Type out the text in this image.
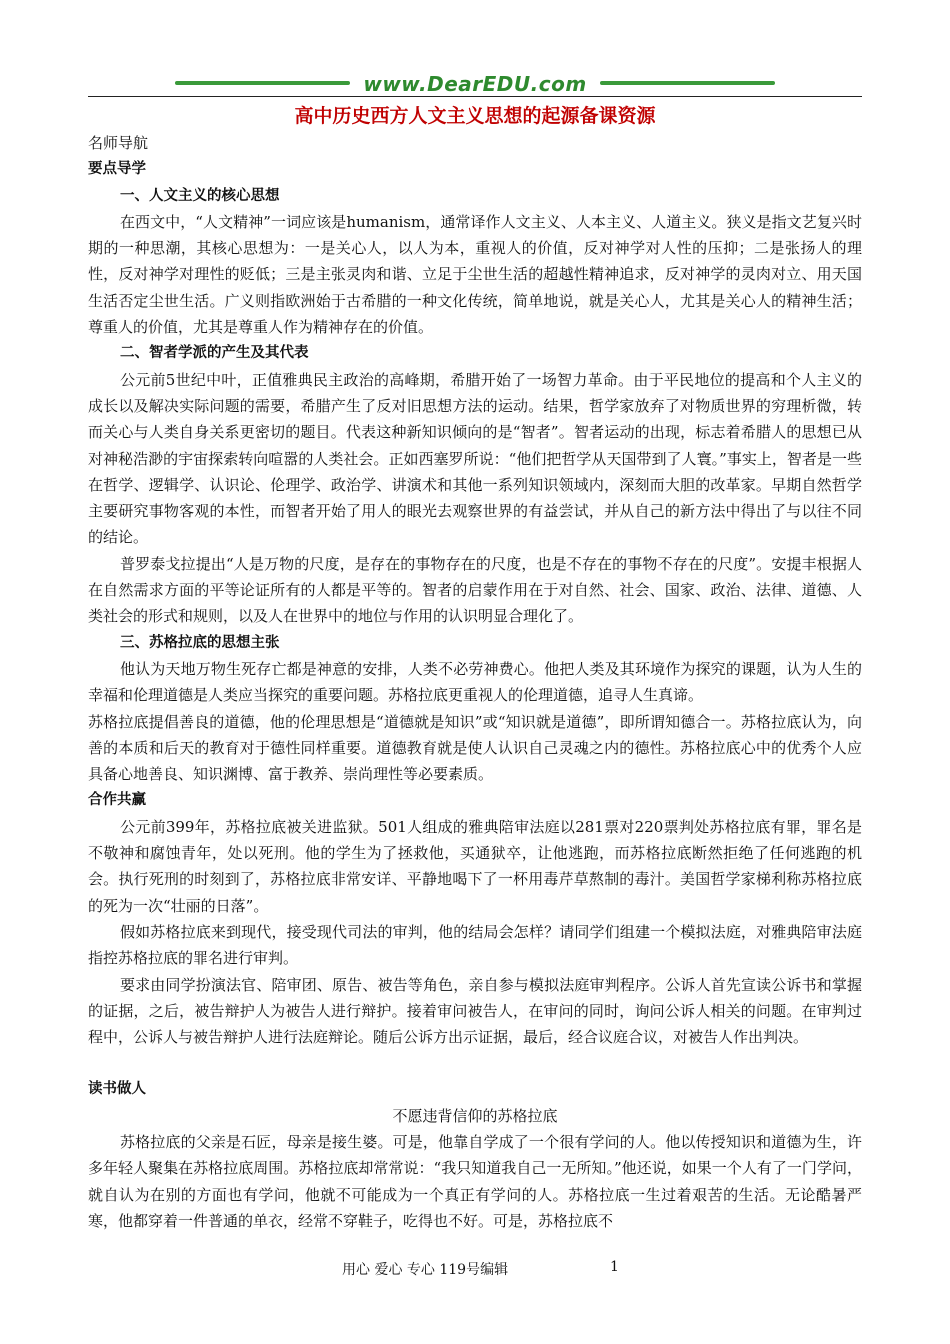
www.DearEDU.com
高中历史西方人文主义思想的起源备课资源
名师导航
要点导学
一、人文主义的核心思想

在西文中，“人文精神”一词应该是humanism，通常译作人文主义、人本主义、人道主义。狭义是指文艺复兴时期的一种思潮，其核心思想为：一是关心人，以人为本，重视人的价值，反对神学对人性的压抑；二是张扬人的理性，反对神学对理性的贬低；三是主张灵肉和谐、立足于尘世生活的超越性精神追求，反对神学的灵肉对立、用天国生活否定尘世生活。广义则指欧洲始于古希腊的一种文化传统，简单地说，就是关心人，尤其是关心人的精神生活；尊重人的价值，尤其是尊重人作为精神存在的价值。

二、智者学派的产生及其代表

公元前5世纪中叶，正值雅典民主政治的高峰期，希腊开始了一场智力革命。由于平民地位的提高和个人主义的成长以及解决实际问题的需要，希腊产生了反对旧思想方法的运动。结果，哲学家放弃了对物质世界的穷理析微，转而关心与人类自身关系更密切的题目。代表这种新知识倾向的是“智者”。智者运动的出现，标志着希腊人的思想已从对神秘浩渺的宇宙探索转向喧嚣的人类社会。正如西塞罗所说：“他们把哲学从天国带到了人寰。”事实上，智者是一些在哲学、逻辑学、认识论、伦理学、政治学、讲演术和其他一系列知识领域内，深刻而大胆的改革家。早期自然哲学主要研究事物客观的本性，而智者开始了用人的眼光去观察世界的有益尝试，并从自己的新方法中得出了与以往不同的结论。

普罗泰戈拉提出“人是万物的尺度，是存在的事物存在的尺度，也是不存在的事物不存在的尺度”。安提丰根据人在自然需求方面的平等论证所有的人都是平等的。智者的启蒙作用在于对自然、社会、国家、政治、法律、道德、人类社会的形式和规则，以及人在世界中的地位与作用的认识明显合理化了。

三、苏格拉底的思想主张

他认为天地万物生死存亡都是神意的安排，人类不必劳神费心。他把人类及其环境作为探究的课题，认为人生的幸福和伦理道德是人类应当探究的重要问题。苏格拉底更重视人的伦理道德，追寻人生真谛。

苏格拉底提倡善良的道德，他的伦理思想是“道德就是知识”或“知识就是道德”，即所谓知德合一。苏格拉底认为，向善的本质和后天的教育对于德性同样重要。道德教育就是使人认识自己灵魂之内的德性。苏格拉底心中的优秀个人应具备心地善良、知识渊博、富于教养、崇尚理性等必要素质。

合作共赢

公元前399年，苏格拉底被关进监狱。501人组成的雅典陪审法庭以281票对220票判处苏格拉底有罪，罪名是不敬神和腐蚀青年，处以死刑。他的学生为了拯救他，买通狱卒，让他逃跑，而苏格拉底断然拒绝了任何逃跑的机会。执行死刑的时刻到了，苏格拉底非常安详、平静地喝下了一杯用毒芹草熬制的毒汁。美国哲学家梯利称苏格拉底的死为一次“壮丽的日落”。

假如苏格拉底来到现代，接受现代司法的审判，他的结局会怎样？请同学们组建一个模拟法庭，对雅典陪审法庭指控苏格拉底的罪名进行审判。

要求由同学扮演法官、陪审团、原告、被告等角色，亲自参与模拟法庭审判程序。公诉人首先宣读公诉书和掌握的证据，之后，被告辩护人为被告人进行辩护。接着审问被告人，在审问的同时，询问公诉人相关的问题。在审判过程中，公诉人与被告辩护人进行法庭辩论。随后公诉方出示证据，最后，经合议庭合议，对被告人作出判决。

读书做人
不愿违背信仰的苏格拉底

苏格拉底的父亲是石匠，母亲是接生婆。可是，他靠自学成了一个很有学问的人。他以传授知识和道德为生，许多年轻人聚集在苏格拉底周围。苏格拉底却常常说：“我只知道我自己一无所知。”他还说，如果一个人有了一门学问，就自认为在别的方面也有学问，他就不可能成为一个真正有学问的人。苏格拉底一生过着艰苦的生活。无论酷暑严寒，他都穿着一件普通的单衣，经常不穿鞋子，吃得也不好。可是，苏格拉底不

用心 爱心 专心 119号编辑	1
